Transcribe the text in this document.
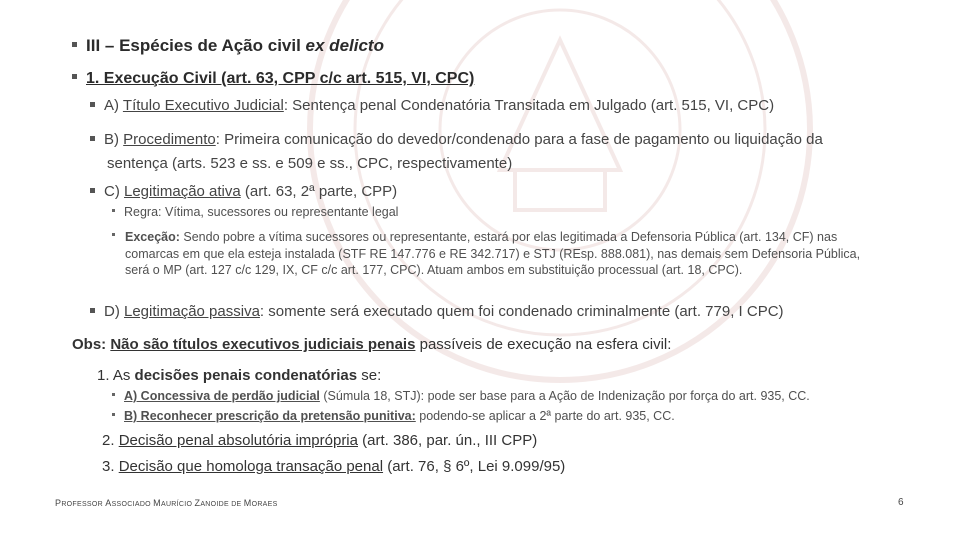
III – Espécies de Ação civil ex delicto
1. Execução Civil (art. 63, CPP c/c art. 515, VI, CPC)
A) Título Executivo Judicial: Sentença penal Condenatória Transitada em Julgado (art. 515, VI, CPC)
B) Procedimento: Primeira comunicação do devedor/condenado para a fase de pagamento ou liquidação da
sentença (arts. 523 e ss. e 509 e ss., CPC, respectivamente)
C) Legitimação ativa (art. 63, 2ª parte, CPP)
Regra: Vítima, sucessores ou representante legal
Exceção: Sendo pobre a vítima sucessores ou representante, estará por elas legitimada a Defensoria Pública (art. 134, CF) nas comarcas em que ela esteja instalada (STF RE 147.776 e RE 342.717) e STJ (REsp. 888.081), nas demais sem Defensoria Pública, será o MP (art. 127 c/c 129, IX, CF c/c art. 177, CPC). Atuam ambos em substituição processual (art. 18, CPC).
D) Legitimação passiva: somente será executado quem foi condenado criminalmente (art. 779, I CPC)
Obs: Não são títulos executivos judiciais penais passíveis de execução na esfera civil:
1. As decisões penais condenatórias se:
A) Concessiva de perdão judicial (Súmula 18, STJ): pode ser base para a Ação de Indenização por força do art. 935, CC.
B) Reconhecer prescrição da pretensão punitiva: podendo-se aplicar a 2ª parte do art. 935, CC.
2. Decisão penal absolutória imprópria (art. 386, par. ún., III CPP)
3. Decisão que homologa transação penal (art. 76, § 6º, Lei 9.099/95)
PROFESSOR ASSOCIADO MAURÍCIO ZANOIDE DE MORAES	6
